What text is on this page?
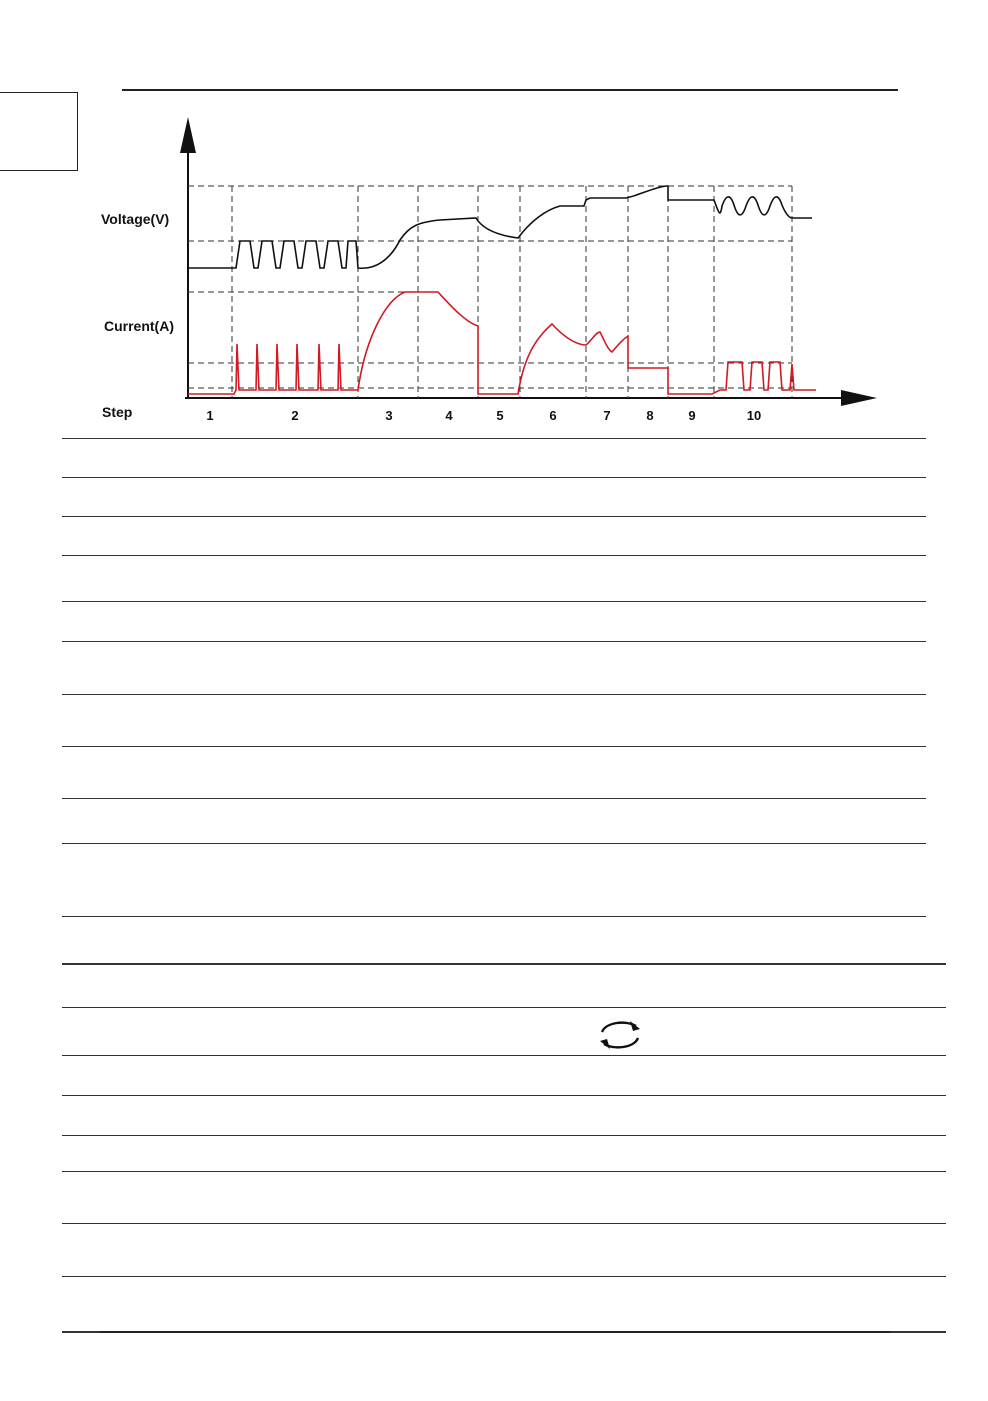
Voltage(V)
Current(A)
Step	1	2	3	4	5	6	7	8	9	10
